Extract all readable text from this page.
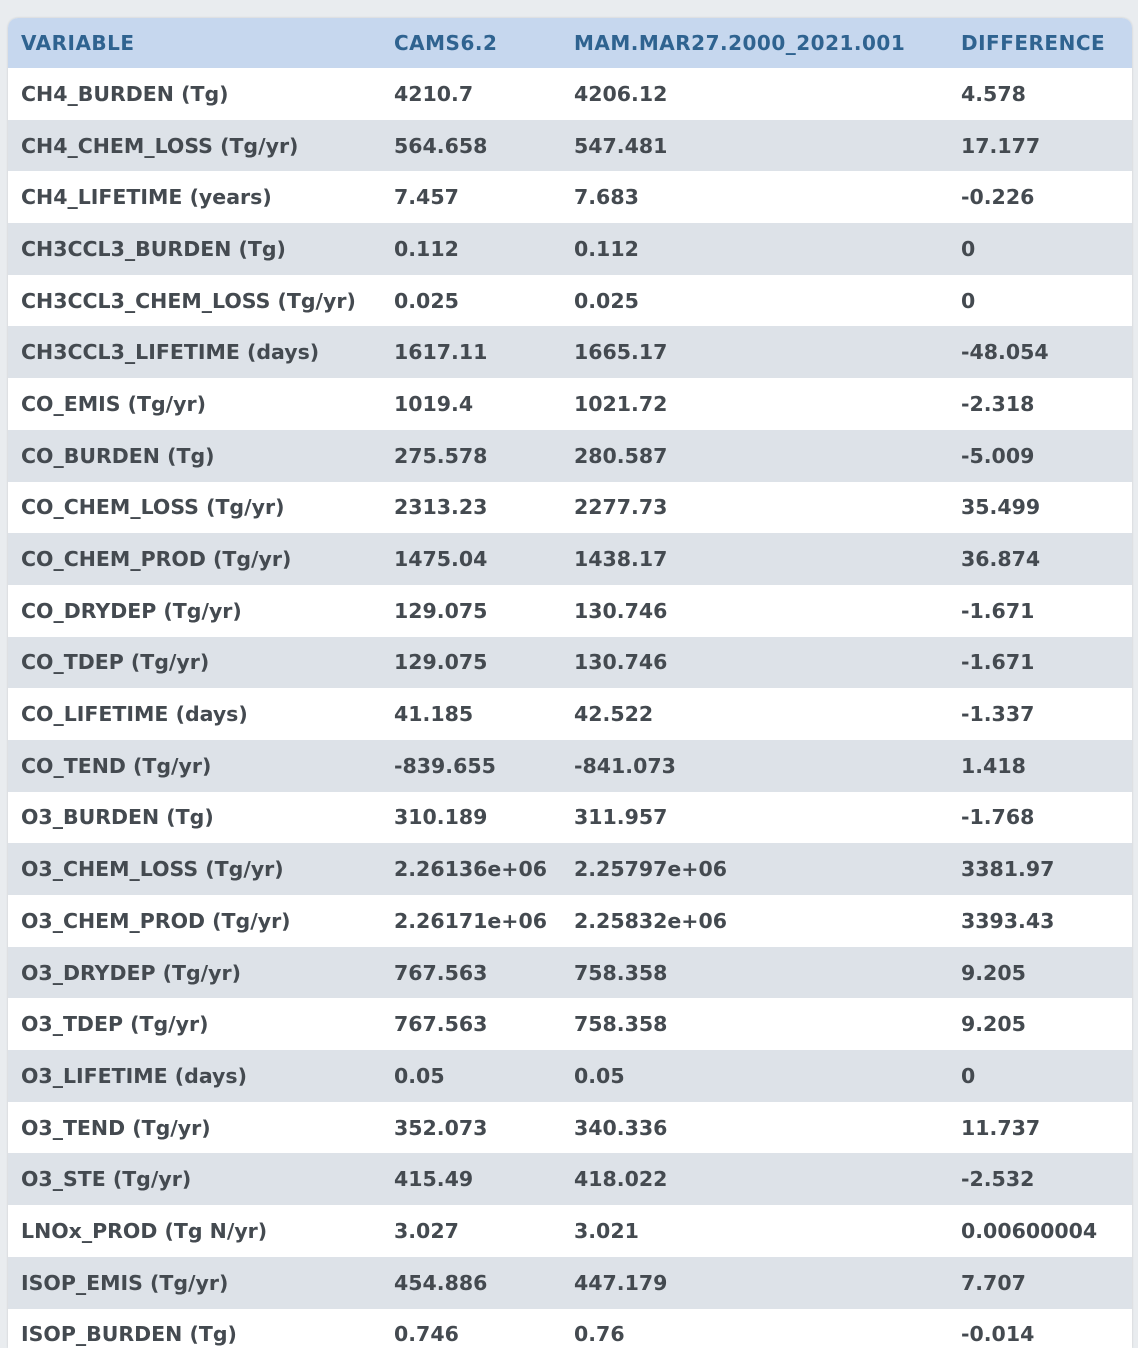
VARIABLE	CAMS6.2	MAM.MAR27.2000_2021.001	DIFFERENCE
CH4_BURDEN (Tg)	4210.7	4206.12	4.578
CH4_CHEM_LOSS (Tg/yr)	564.658	547.481	17.177
CH4_LIFETIME (years)	7.457	7.683	-0.226
CH3CCL3_BURDEN (Tg)	0.112	0.112	0
CH3CCL3_CHEM_LOSS (Tg/yr)	0.025	0.025	0
CH3CCL3_LIFETIME (days)	1617.11	1665.17	-48.054
CO_EMIS (Tg/yr)	1019.4	1021.72	-2.318
CO_BURDEN (Tg)	275.578	280.587	-5.009
CO_CHEM_LOSS (Tg/yr)	2313.23	2277.73	35.499
CO_CHEM_PROD (Tg/yr)	1475.04	1438.17	36.874
CO_DRYDEP (Tg/yr)	129.075	130.746	-1.671
CO_TDEP (Tg/yr)	129.075	130.746	-1.671
CO_LIFETIME (days)	41.185	42.522	-1.337
CO_TEND (Tg/yr)	-839.655	-841.073	1.418
O3_BURDEN (Tg)	310.189	311.957	-1.768
O3_CHEM_LOSS (Tg/yr)	2.26136e+06	2.25797e+06	3381.97
O3_CHEM_PROD (Tg/yr)	2.26171e+06	2.25832e+06	3393.43
O3_DRYDEP (Tg/yr)	767.563	758.358	9.205
O3_TDEP (Tg/yr)	767.563	758.358	9.205
O3_LIFETIME (days)	0.05	0.05	0
O3_TEND (Tg/yr)	352.073	340.336	11.737
O3_STE (Tg/yr)	415.49	418.022	-2.532
LNOx_PROD (Tg N/yr)	3.027	3.021	0.00600004
ISOP_EMIS (Tg/yr)	454.886	447.179	7.707
ISOP_BURDEN (Tg)	0.746	0.76	-0.014
